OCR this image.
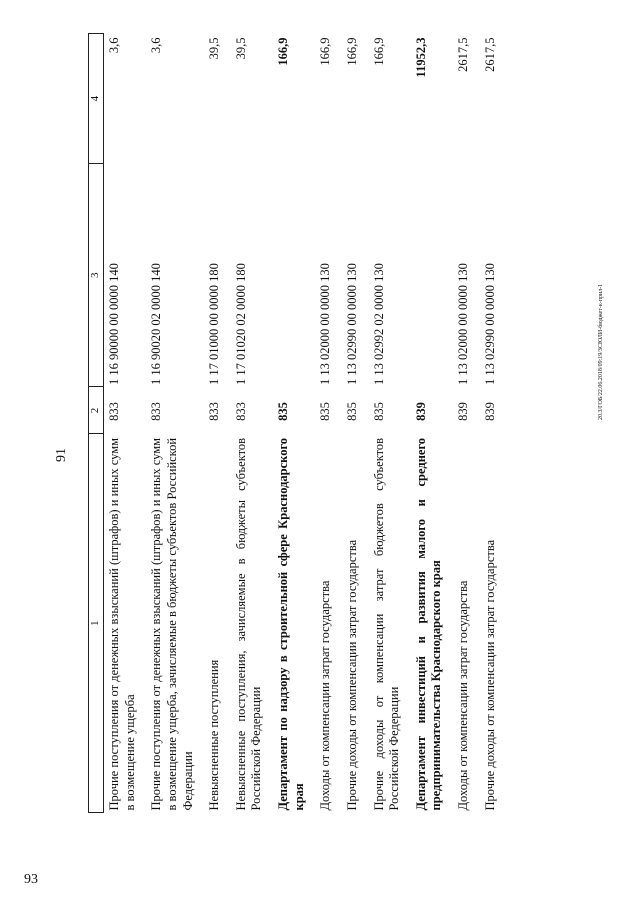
93
20.3/ГОБ/22.06.2018/09:19/ЗСЮЛИ-бюджет-к-прил-1
91
1	2	3	4
Прочие поступления от денежных взысканий (штрафов) и иных сумм в возмещение ущерба	833	1 16 90000 00 0000 140	3,6
Прочие поступления от денежных взысканий (штрафов) и иных сумм в возмещение ущерба, зачисляемые в бюджеты субъектов Российской Федерации	833	1 16 90020 02 0000 140	3,6
Невыясненные поступления	833	1 17 01000 00 0000 180	39,5
Невыясненные поступления, зачисляемые в бюджеты субъектов Российской Федерации	833	1 17 01020 02 0000 180	39,5
Департамент по надзору в строительной сфере Краснодарского края	835		166,9
Доходы от компенсации затрат государства	835	1 13 02000 00 0000 130	166,9
Прочие доходы от компенсации затрат государства	835	1 13 02990 00 0000 130	166,9
Прочие доходы от компенсации затрат бюджетов субъектов Российской Федерации	835	1 13 02992 02 0000 130	166,9
Департамент инвестиций и развития малого и среднего предпринимательства Краснодарского края	839		11952,3
Доходы от компенсации затрат государства	839	1 13 02000 00 0000 130	2617,5
Прочие доходы от компенсации затрат государства	839	1 13 02990 00 0000 130	2617,5
